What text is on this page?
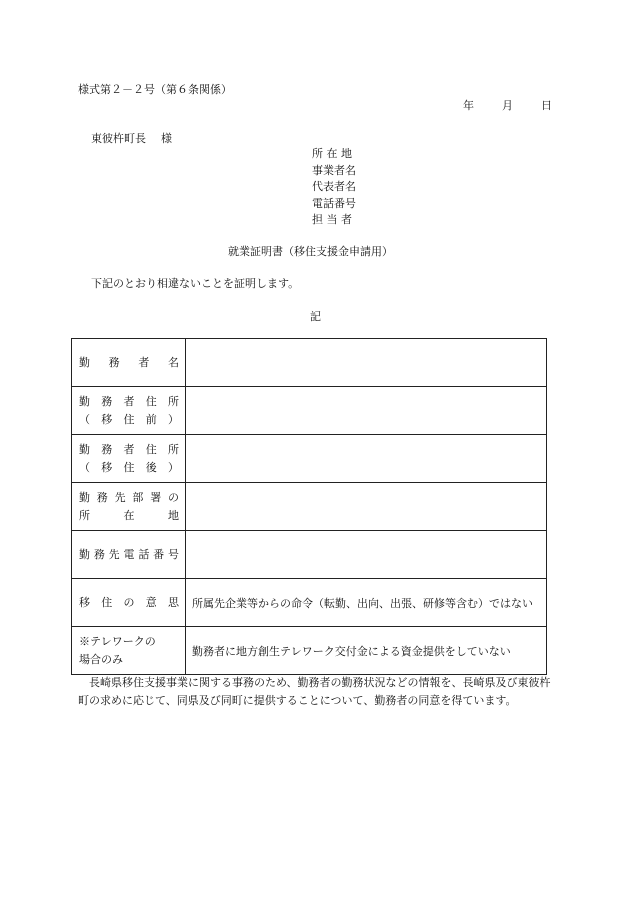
様式第２－２号（第６条関係）
年	月	日
東彼杵町長 様
所 在 地
事業者名
代表者名
電話番号
担 当 者
就業証明書（移住支援金申請用）
下記のとおり相違ないことを証明します。
記
勤 務 者 名	

勤務者住所
（ 移 住 前 ）	

勤務者住所
（ 移 住 後 ）	

勤務先部署の
所 在 地	

勤務先電話番号	

移 住 の 意 思	所属先企業等からの命令（転勤、出向、出張、研修等含む）ではない

※テレワークの
場合のみ	勤務者に地方創生テレワーク交付金による資金提供をしていない
長崎県移住支援事業に関する事務のため、勤務者の勤務状況などの情報を、長崎県及び東彼杵町の求めに応じて、同県及び同町に提供することについて、勤務者の同意を得ています。
